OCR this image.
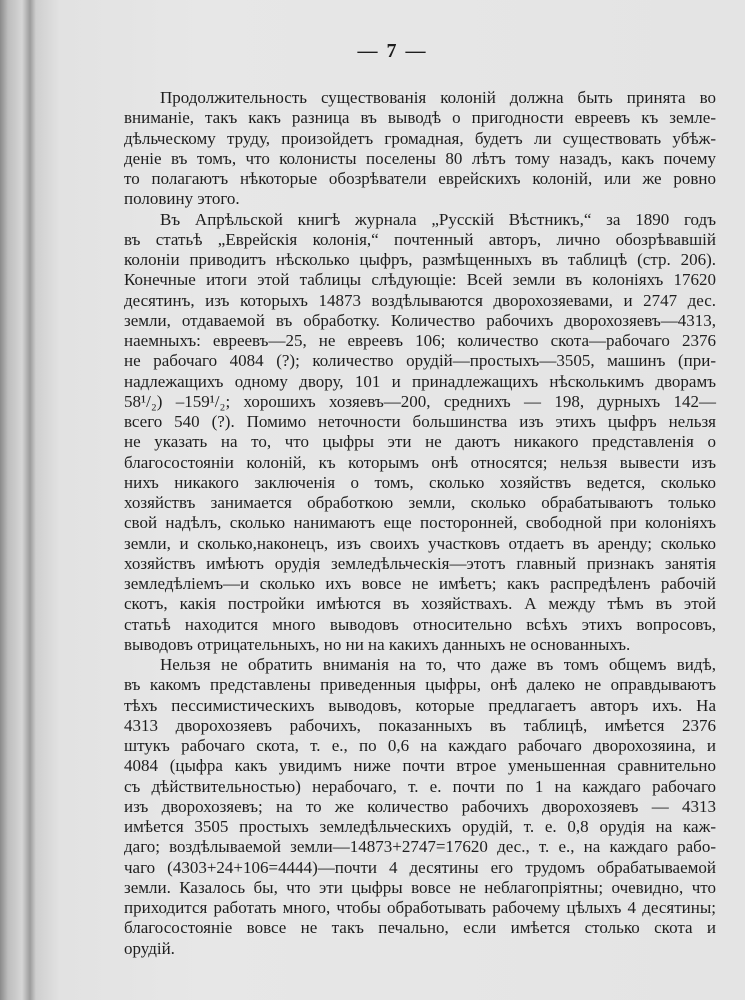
— 7 —
Продолжительность существованія колоній должна быть принята во
вниманіе, такъ какъ разница въ выводѣ о пригодности евреевъ къ земле-
дѣльческому труду, произойдетъ громадная, будетъ ли существовать убѣж-
деніе въ томъ, что колонисты поселены 80 лѣтъ тому назадъ, какъ почему
то полагаютъ нѣкоторые обозрѣватели еврейскихъ колоній, или же ровно
половину этого.
Въ Апрѣльской книгѣ журнала „Русскій Вѣстникъ,“ за 1890 годъ
въ статьѣ „Еврейскія колонія,“ почтенный авторъ, лично обозрѣвавшій
колоніи приводитъ нѣсколько цыфръ, размѣщенныхъ въ таблицѣ (стр. 206).
Конечные итоги этой таблицы слѣдующіе: Всей земли въ колоніяхъ 17620
десятинъ, изъ которыхъ 14873 воздѣлываются дворохозяевами, и 2747 дес.
земли, отдаваемой въ обработку. Количество рабочихъ дворохозяевъ—4313,
наемныхъ: евреевъ—25, не евреевъ 106; количество скота—рабочаго 2376
не рабочаго 4084 (?); количество орудій—простыхъ—3505, машинъ (при-
надлежащихъ одному двору, 101 и принадлежащихъ нѣсколькимъ дворамъ
58¹/₂) –159¹/₂; хорошихъ хозяевъ—200, среднихъ — 198, дурныхъ 142—
всего 540 (?). Помимо неточности большинства изъ этихъ цыфръ нельзя
не указать на то, что цыфры эти не даютъ никакого представленія о
благосостояніи колоній, къ которымъ онѣ относятся; нельзя вывести изъ
нихъ никакого заключенія о томъ, сколько хозяйствъ ведется, сколько
хозяйствъ занимается обработкою земли, сколько обрабатываютъ только
свой надѣлъ, сколько нанимаютъ еще посторонней, свободной при колоніяхъ
земли, и сколько,наконецъ, изъ своихъ участковъ отдаетъ въ аренду; сколько
хозяйствъ имѣютъ орудія земледѣльческія—этотъ главный признакъ занятія
земледѣліемъ—и сколько ихъ вовсе не имѣетъ; какъ распредѣленъ рабочій
скотъ, какія постройки имѣются въ хозяйствахъ. А между тѣмъ въ этой
статьѣ находится много выводовъ относительно всѣхъ этихъ вопросовъ,
выводовъ отрицательныхъ, но ни на какихъ данныхъ не основанныхъ.
Нельзя не обратить вниманія на то, что даже въ томъ общемъ видѣ,
въ какомъ представлены приведенныя цыфры, онѣ далеко не оправдываютъ
тѣхъ пессимистическихъ выводовъ, которые предлагаетъ авторъ ихъ. На
4313 дворохозяевъ рабочихъ, показанныхъ въ таблицѣ, имѣется 2376
штукъ рабочаго скота, т. е., по 0,6 на каждаго рабочаго дворохозяина, и
4084 (цыфра какъ увидимъ ниже почти втрое уменьшенная сравнительно
съ дѣйствительностью) нерабочаго, т. е. почти по 1 на каждаго рабочаго
изъ дворохозяевъ; на то же количество рабочихъ дворохозяевъ — 4313
имѣется 3505 простыхъ земледѣльческихъ орудій, т. е. 0,8 орудія на каж-
даго; воздѣлываемой земли—14873+2747=17620 дес., т. е., на каждаго рабо-
чаго (4303+24+106=4444)—почти 4 десятины его трудомъ обрабатываемой
земли. Казалось бы, что эти цыфры вовсе не неблагопріятны; очевидно, что
приходится работать много, чтобы обработывать рабочему цѣлыхъ 4 десятины;
благосостояніе вовсе не такъ печально, если имѣется столько скота и
орудій.
